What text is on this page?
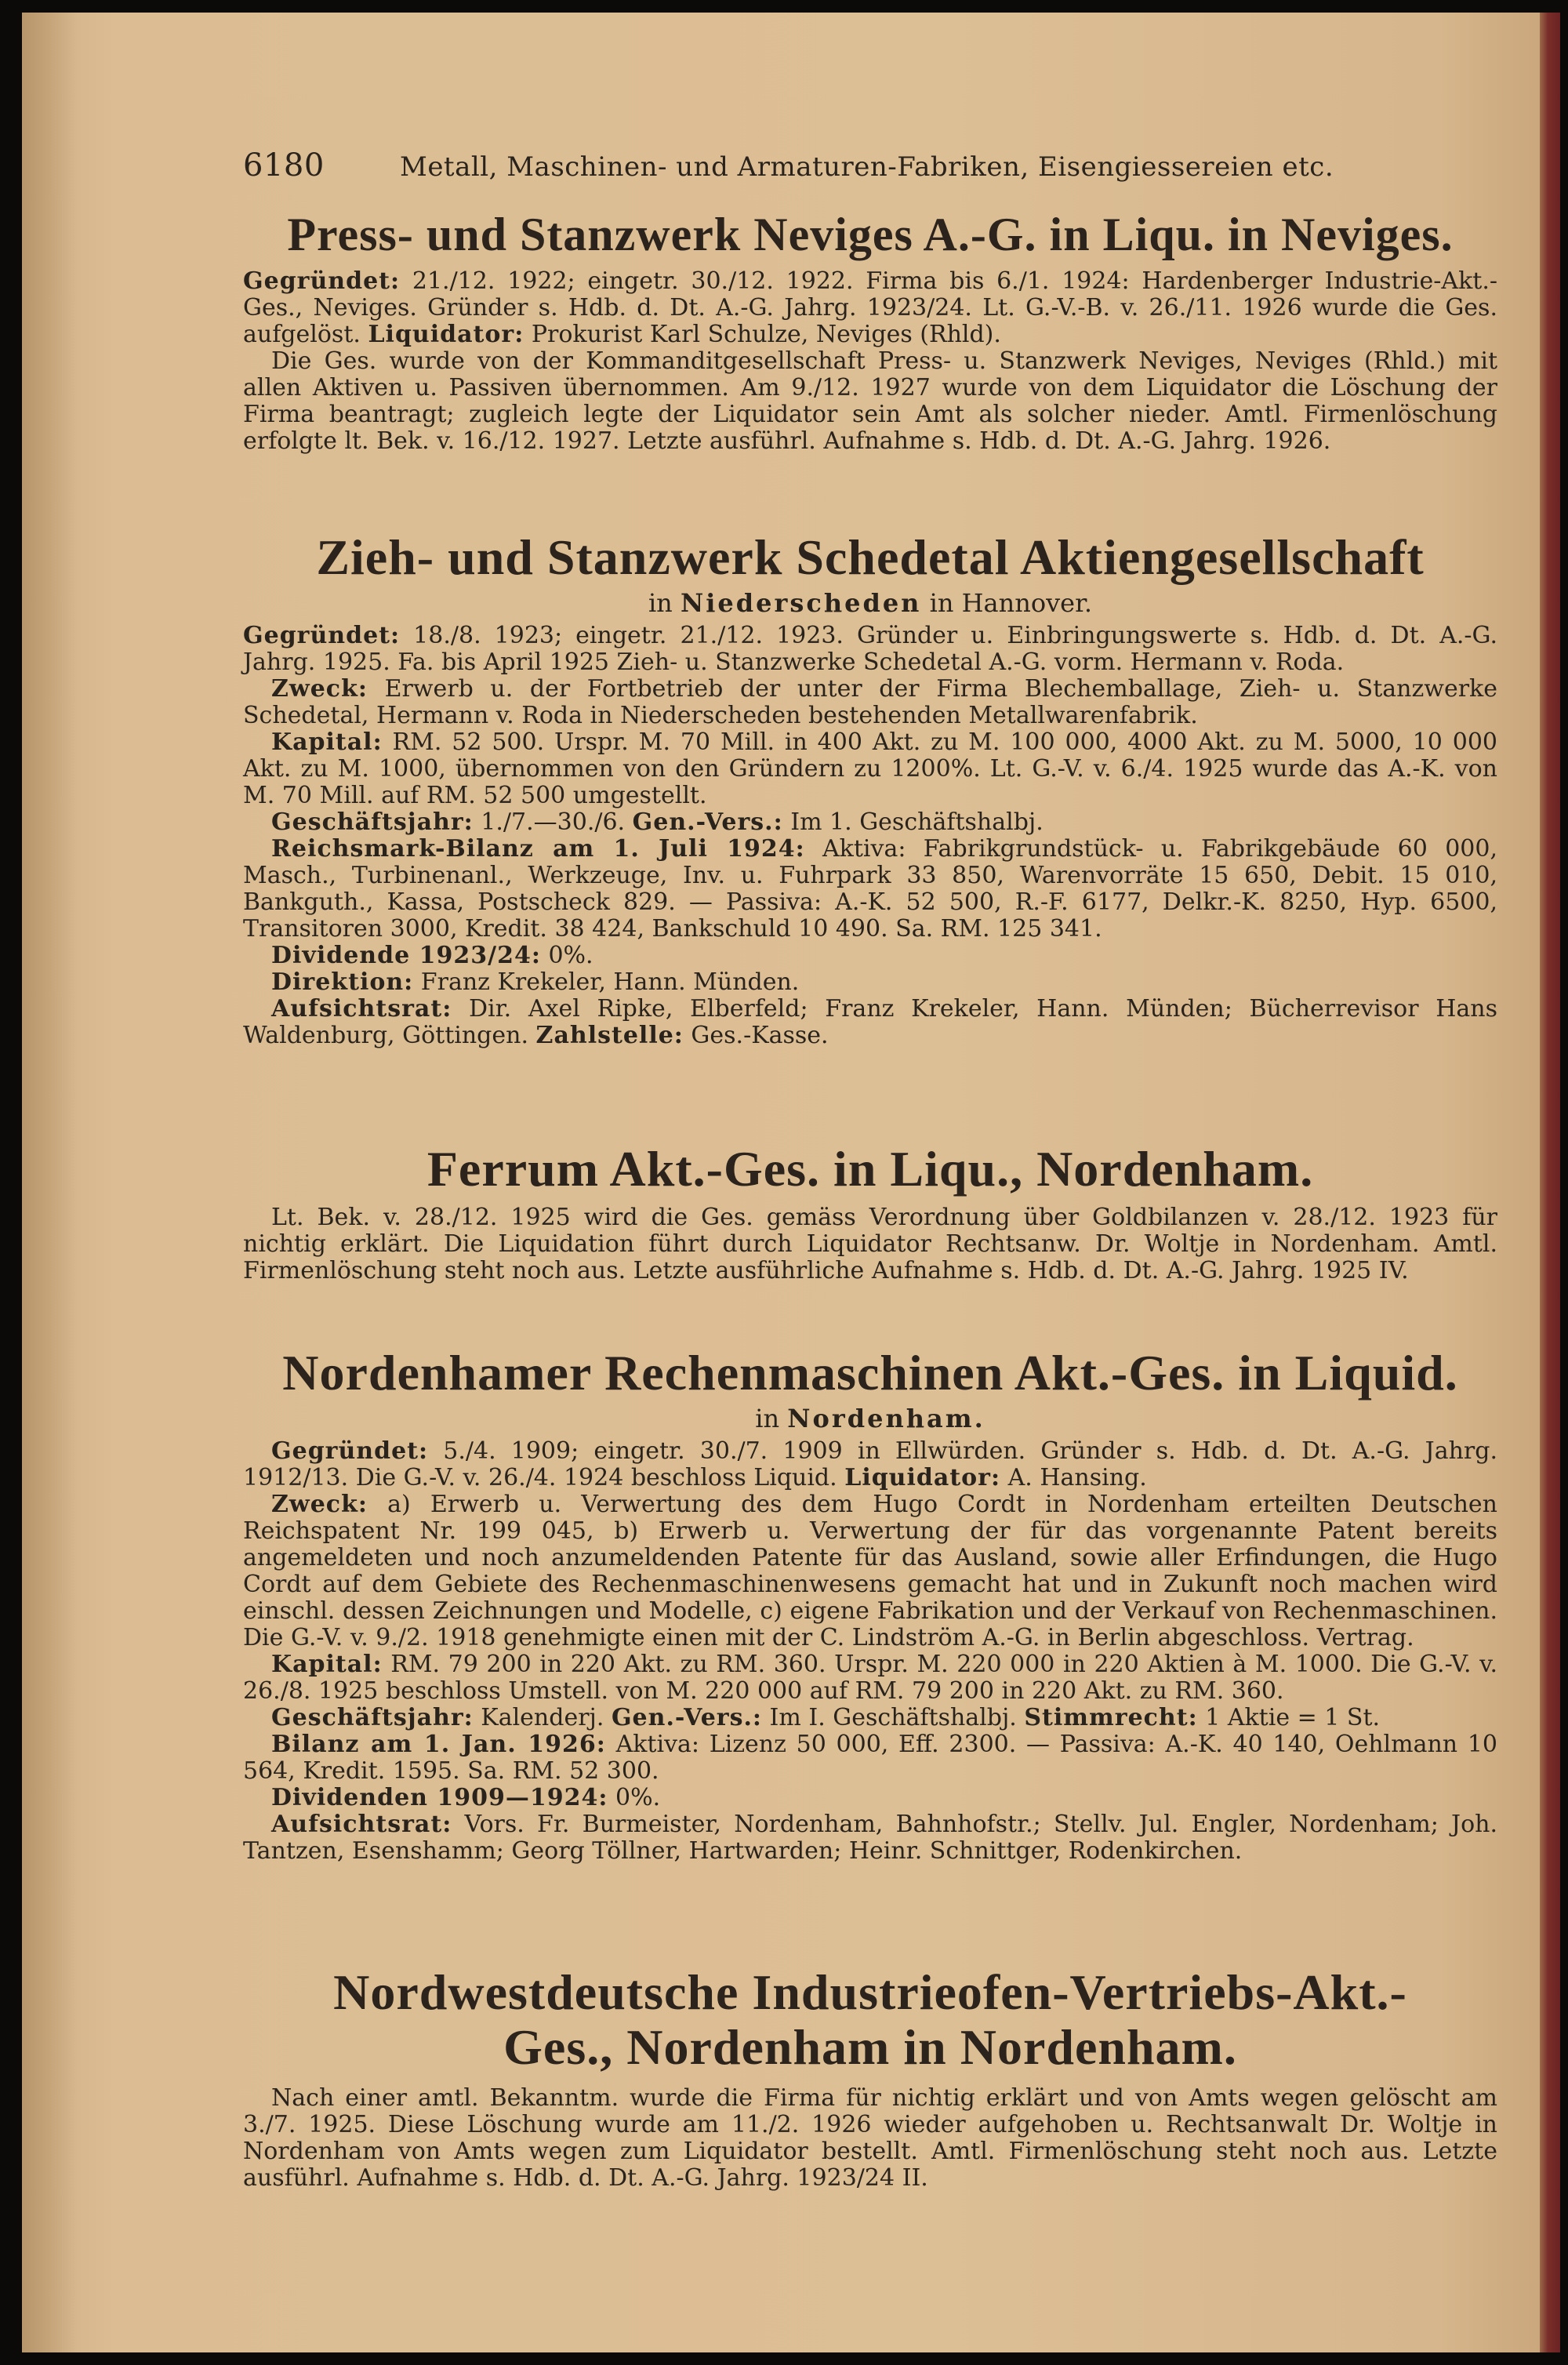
6180	Metall, Maschinen- und Armaturen-Fabriken, Eisengiessereien etc.
Press- und Stanzwerk Neviges A.-G. in Liqu. in Neviges.

Gegründet: 21./12. 1922; eingetr. 30./12. 1922. Firma bis 6./1. 1924: Hardenberger Industrie-Akt.-Ges., Neviges. Gründer s. Hdb. d. Dt. A.-G. Jahrg. 1923/24. Lt. G.-V.-B. v. 26./11. 1926 wurde die Ges. aufgelöst. Liquidator: Prokurist Karl Schulze, Neviges (Rhld).

Die Ges. wurde von der Kommanditgesellschaft Press- u. Stanzwerk Neviges, Neviges (Rhld.) mit allen Aktiven u. Passiven übernommen. Am 9./12. 1927 wurde von dem Liquidator die Löschung der Firma beantragt; zugleich legte der Liquidator sein Amt als solcher nieder. Amtl. Firmenlöschung erfolgte lt. Bek. v. 16./12. 1927. Letzte ausführl. Aufnahme s. Hdb. d. Dt. A.-G. Jahrg. 1926.

Zieh- und Stanzwerk Schedetal Aktiengesellschaft
in Niederscheden in Hannover.

Gegründet: 18./8. 1923; eingetr. 21./12. 1923. Gründer u. Einbringungswerte s. Hdb. d. Dt. A.-G. Jahrg. 1925. Fa. bis April 1925 Zieh- u. Stanzwerke Schedetal A.-G. vorm. Hermann v. Roda.

Zweck: Erwerb u. der Fortbetrieb der unter der Firma Blechemballage, Zieh- u. Stanzwerke Schedetal, Hermann v. Roda in Niederscheden bestehenden Metallwarenfabrik.

Kapital: RM. 52 500. Urspr. M. 70 Mill. in 400 Akt. zu M. 100 000, 4000 Akt. zu M. 5000, 10 000 Akt. zu M. 1000, übernommen von den Gründern zu 1200%. Lt. G.-V. v. 6./4. 1925 wurde das A.-K. von M. 70 Mill. auf RM. 52 500 umgestellt.

Geschäftsjahr: 1./7.—30./6. Gen.-Vers.: Im 1. Geschäftshalbj.

Reichsmark-Bilanz am 1. Juli 1924: Aktiva: Fabrikgrundstück- u. Fabrikgebäude 60 000, Masch., Turbinenanl., Werkzeuge, Inv. u. Fuhrpark 33 850, Warenvorräte 15 650, Debit. 15 010, Bankguth., Kassa, Postscheck 829. — Passiva: A.-K. 52 500, R.-F. 6177, Delkr.-K. 8250, Hyp. 6500, Transitoren 3000, Kredit. 38 424, Bankschuld 10 490. Sa. RM. 125 341.

Dividende 1923/24: 0%.

Direktion: Franz Krekeler, Hann. Münden.

Aufsichtsrat: Dir. Axel Ripke, Elberfeld; Franz Krekeler, Hann. Münden; Bücherrevisor Hans Waldenburg, Göttingen. Zahlstelle: Ges.-Kasse.

Ferrum Akt.-Ges. in Liqu., Nordenham.

Lt. Bek. v. 28./12. 1925 wird die Ges. gemäss Verordnung über Goldbilanzen v. 28./12. 1923 für nichtig erklärt. Die Liquidation führt durch Liquidator Rechtsanw. Dr. Woltje in Nordenham. Amtl. Firmenlöschung steht noch aus. Letzte ausführliche Aufnahme s. Hdb. d. Dt. A.-G. Jahrg. 1925 IV.

Nordenhamer Rechenmaschinen Akt.-Ges. in Liquid.
in Nordenham.

Gegründet: 5./4. 1909; eingetr. 30./7. 1909 in Ellwürden. Gründer s. Hdb. d. Dt. A.-G. Jahrg. 1912/13. Die G.-V. v. 26./4. 1924 beschloss Liquid. Liquidator: A. Hansing.

Zweck: a) Erwerb u. Verwertung des dem Hugo Cordt in Nordenham erteilten Deutschen Reichspatent Nr. 199 045, b) Erwerb u. Verwertung der für das vorgenannte Patent bereits angemeldeten und noch anzumeldenden Patente für das Ausland, sowie aller Erfindungen, die Hugo Cordt auf dem Gebiete des Rechenmaschinenwesens gemacht hat und in Zukunft noch machen wird einschl. dessen Zeichnungen und Modelle, c) eigene Fabrikation und der Verkauf von Rechenmaschinen. Die G.-V. v. 9./2. 1918 genehmigte einen mit der C. Lindström A.-G. in Berlin abgeschloss. Vertrag.

Kapital: RM. 79 200 in 220 Akt. zu RM. 360. Urspr. M. 220 000 in 220 Aktien à M. 1000. Die G.-V. v. 26./8. 1925 beschloss Umstell. von M. 220 000 auf RM. 79 200 in 220 Akt. zu RM. 360.

Geschäftsjahr: Kalenderj. Gen.-Vers.: Im I. Geschäftshalbj. Stimmrecht: 1 Aktie = 1 St.

Bilanz am 1. Jan. 1926: Aktiva: Lizenz 50 000, Eff. 2300. — Passiva: A.-K. 40 140, Oehlmann 10 564, Kredit. 1595. Sa. RM. 52 300.

Dividenden 1909—1924: 0%.

Aufsichtsrat: Vors. Fr. Burmeister, Nordenham, Bahnhofstr.; Stellv. Jul. Engler, Nordenham; Joh. Tantzen, Esenshamm; Georg Töllner, Hartwarden; Heinr. Schnittger, Rodenkirchen.

Nordwestdeutsche Industrieofen-Vertriebs-Akt.-Ges., Nordenham in Nordenham.

Nach einer amtl. Bekanntm. wurde die Firma für nichtig erklärt und von Amts wegen gelöscht am 3./7. 1925. Diese Löschung wurde am 11./2. 1926 wieder aufgehoben u. Rechtsanwalt Dr. Woltje in Nordenham von Amts wegen zum Liquidator bestellt. Amtl. Firmenlöschung steht noch aus. Letzte ausführl. Aufnahme s. Hdb. d. Dt. A.-G. Jahrg. 1923/24 II.
